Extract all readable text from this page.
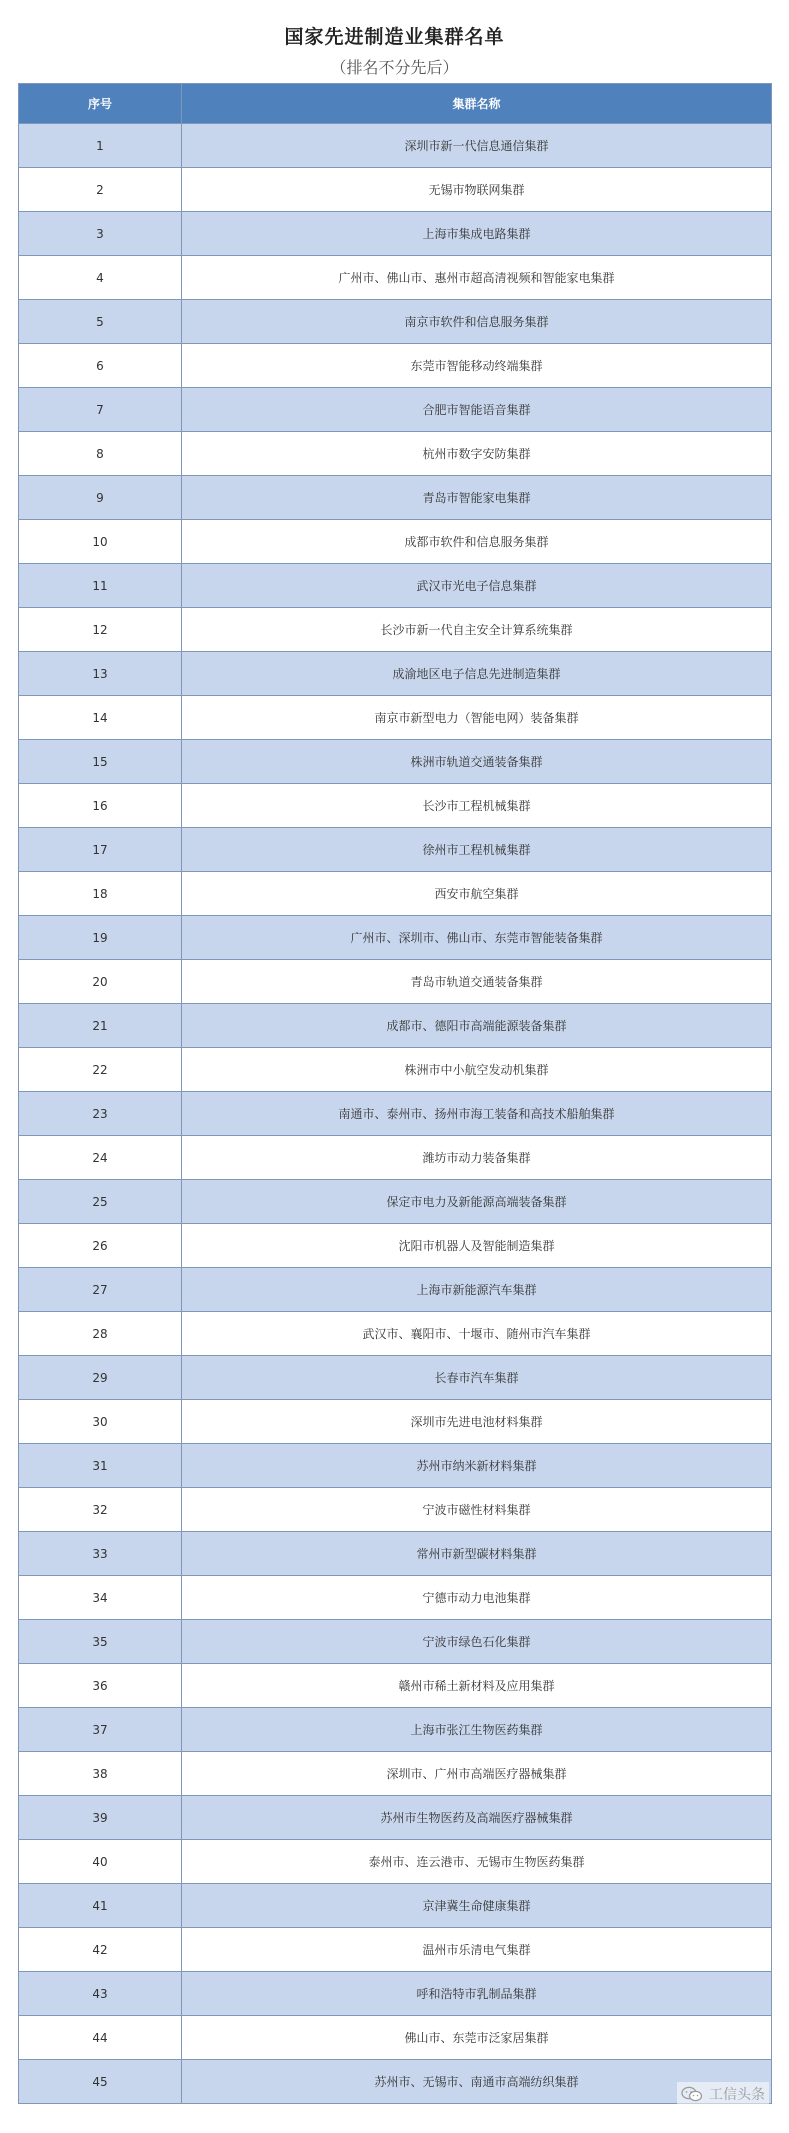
国家先进制造业集群名单
（排名不分先后）
序号	集群名称
1	深圳市新一代信息通信集群
2	无锡市物联网集群
3	上海市集成电路集群
4	广州市、佛山市、惠州市超高清视频和智能家电集群
5	南京市软件和信息服务集群
6	东莞市智能移动终端集群
7	合肥市智能语音集群
8	杭州市数字安防集群
9	青岛市智能家电集群
10	成都市软件和信息服务集群
11	武汉市光电子信息集群
12	长沙市新一代自主安全计算系统集群
13	成渝地区电子信息先进制造集群
14	南京市新型电力（智能电网）装备集群
15	株洲市轨道交通装备集群
16	长沙市工程机械集群
17	徐州市工程机械集群
18	西安市航空集群
19	广州市、深圳市、佛山市、东莞市智能装备集群
20	青岛市轨道交通装备集群
21	成都市、德阳市高端能源装备集群
22	株洲市中小航空发动机集群
23	南通市、泰州市、扬州市海工装备和高技术船舶集群
24	潍坊市动力装备集群
25	保定市电力及新能源高端装备集群
26	沈阳市机器人及智能制造集群
27	上海市新能源汽车集群
28	武汉市、襄阳市、十堰市、随州市汽车集群
29	长春市汽车集群
30	深圳市先进电池材料集群
31	苏州市纳米新材料集群
32	宁波市磁性材料集群
33	常州市新型碳材料集群
34	宁德市动力电池集群
35	宁波市绿色石化集群
36	赣州市稀土新材料及应用集群
37	上海市张江生物医药集群
38	深圳市、广州市高端医疗器械集群
39	苏州市生物医药及高端医疗器械集群
40	泰州市、连云港市、无锡市生物医药集群
41	京津冀生命健康集群
42	温州市乐清电气集群
43	呼和浩特市乳制品集群
44	佛山市、东莞市泛家居集群
45	苏州市、无锡市、南通市高端纺织集群
工信头条
